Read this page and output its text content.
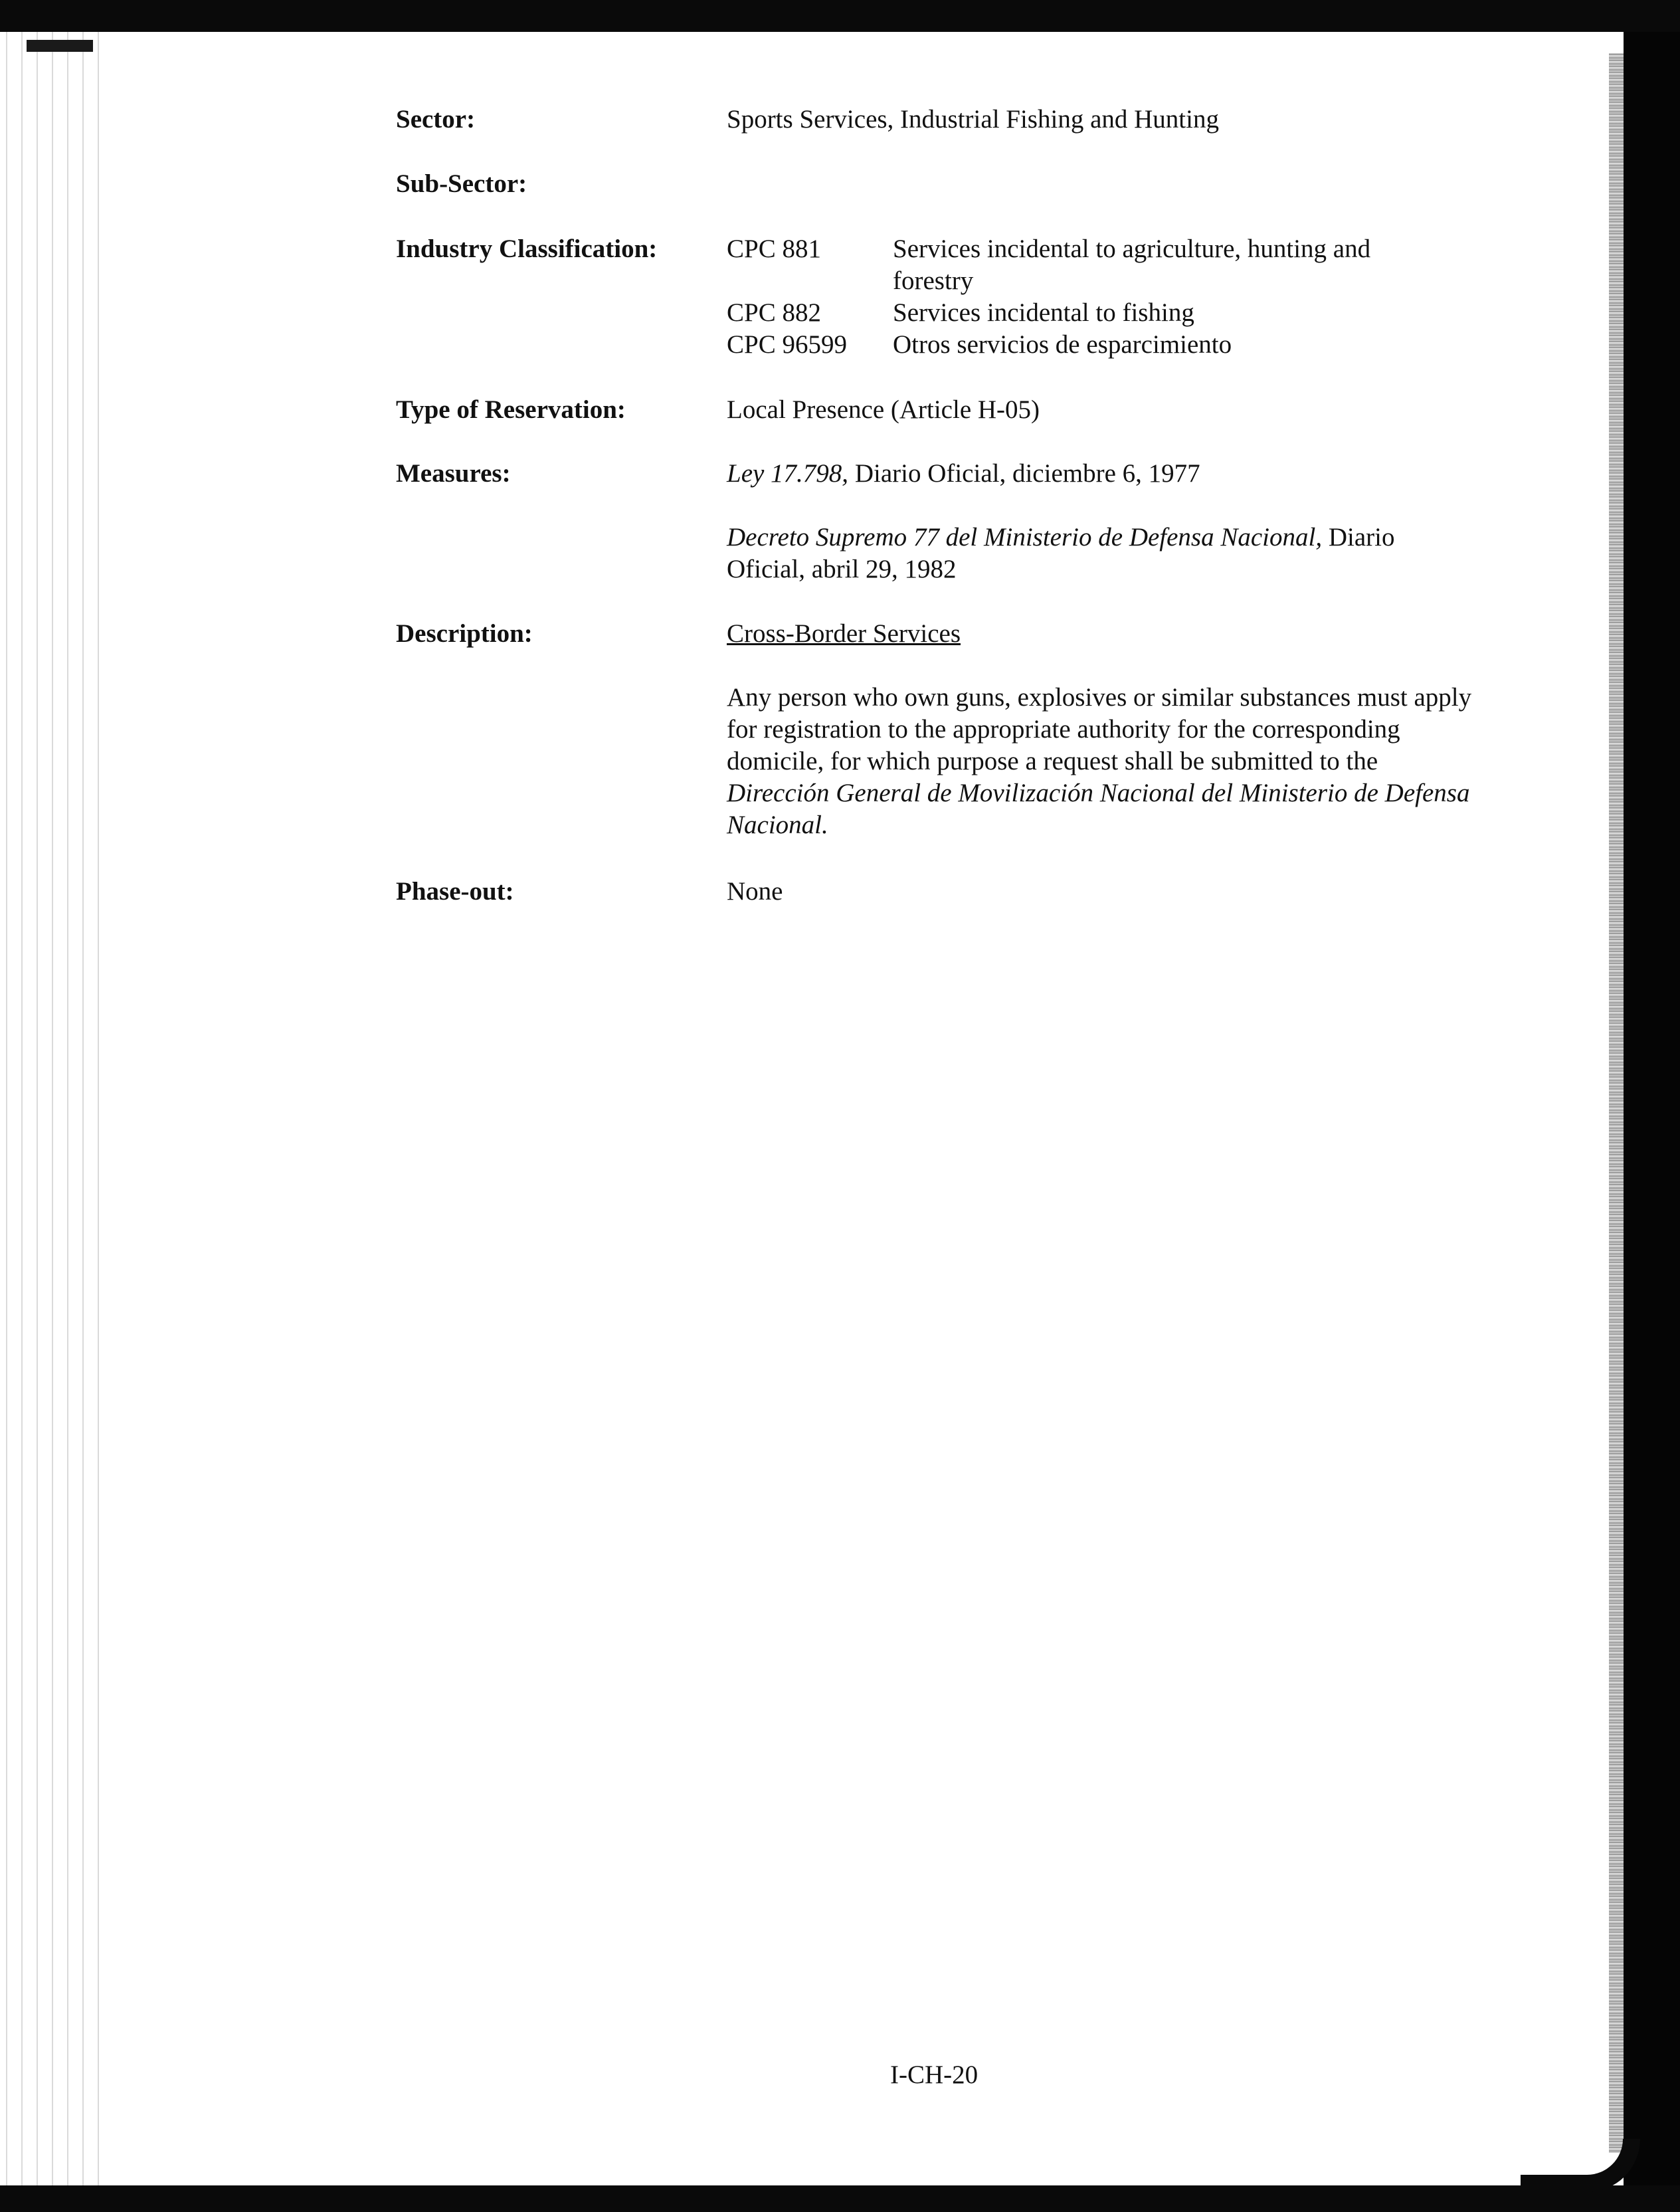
Sector:	Sports Services, Industrial Fishing and Hunting
Sub-Sector:
Industry Classification:	CPC 881	Services incidental to agriculture, hunting and forestry
CPC 882	Services incidental to fishing
CPC 96599	Otros servicios de esparcimiento
Type of Reservation:	Local Presence (Article H-05)
Measures:	Ley 17.798, Diario Oficial, diciembre 6, 1977

Decreto Supremo 77 del Ministerio de Defensa Nacional, Diario Oficial, abril 29, 1982

Description:	Cross-Border Services

Any person who own guns, explosives or similar substances must apply for registration to the appropriate authority for the corresponding domicile, for which purpose a request shall be submitted to the Dirección General de Movilización Nacional del Ministerio de Defensa Nacional.

Phase-out:	None
I-CH-20
